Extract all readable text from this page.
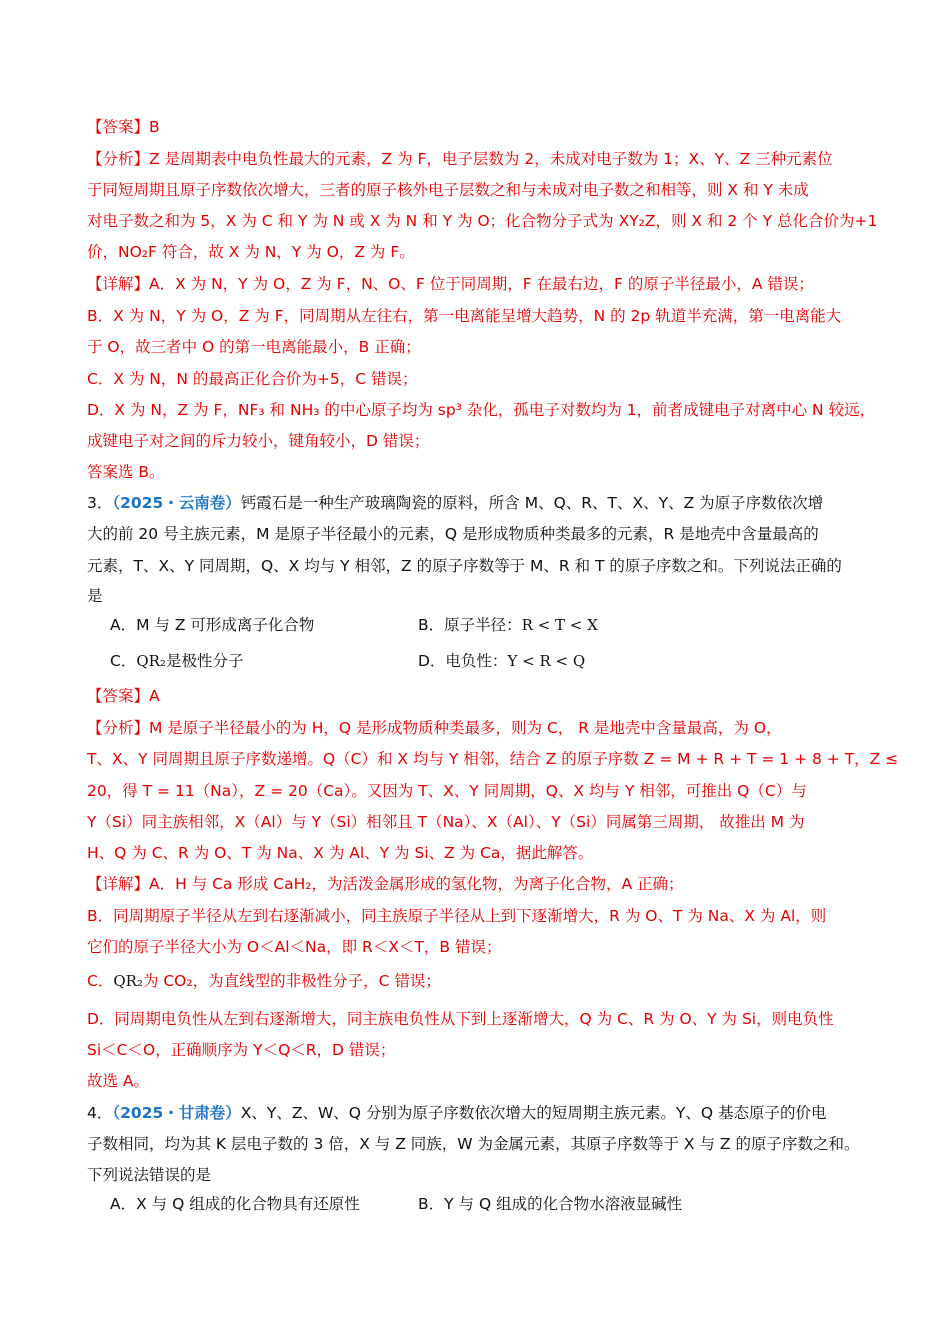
【答案】B
【分析】Z 是周期表中电负性最大的元素，Z 为 F，电子层数为 2，未成对电子数为 1；X、Y、Z 三种元素位
于同短周期且原子序数依次增大，三者的原子核外电子层数之和与未成对电子数之和相等，则 X 和 Y 未成
对电子数之和为 5，X 为 C 和 Y 为 N 或 X 为 N 和 Y 为 O；化合物分子式为 XY₂Z，则 X 和 2 个 Y 总化合价为+1
价，NO₂F 符合，故 X 为 N，Y 为 O，Z 为 F。
【详解】A．X 为 N，Y 为 O，Z 为 F，N、O、F 位于同周期，F 在最右边，F 的原子半径最小，A 错误；
B．X 为 N，Y 为 O，Z 为 F，同周期从左往右，第一电离能呈增大趋势，N 的 2p 轨道半充满，第一电离能大
于 O，故三者中 O 的第一电离能最小，B 正确；
C．X 为 N，N 的最高正化合价为+5，C 错误；
D．X 为 N，Z 为 F，NF₃ 和 NH₃ 的中心原子均为 sp³ 杂化，孤电子对数均为 1，前者成键电子对离中心 N 较远，
成键电子对之间的斥力较小，键角较小，D 错误；
答案选 B。
3．（2025・云南卷）钙霞石是一种生产玻璃陶瓷的原料，所含 M、Q、R、T、X、Y、Z 为原子序数依次增
大的前 20 号主族元素，M 是原子半径最小的元素，Q 是形成物质种类最多的元素，R 是地壳中含量最高的
元素，T、X、Y 同周期，Q、X 均与 Y 相邻，Z 的原子序数等于 M、R 和 T 的原子序数之和。下列说法正确的
是
A．M 与 Z 可形成离子化合物	B．原子半径：R < T < X
C．QR₂是极性分子	D．电负性：Y < R < Q
【答案】A
【分析】M 是原子半径最小的为 H，Q 是形成物质种类最多，则为 C， R 是地壳中含量最高，为 O，
T、X、Y 同周期且原子序数递增。Q（C）和 X 均与 Y 相邻，结合 Z 的原子序数 Z = M + R + T = 1 + 8 + T，Z ≤
20，得 T = 11（Na），Z = 20（Ca）。又因为 T、X、Y 同周期，Q、X 均与 Y 相邻，可推出 Q（C）与
Y（Si）同主族相邻，X（Al）与 Y（Si）相邻且 T（Na）、X（Al）、Y（Si）同属第三周期， 故推出 M 为
H、Q 为 C、R 为 O、T 为 Na、X 为 Al、Y 为 Si、Z 为 Ca，据此解答。
【详解】A．H 与 Ca 形成 CaH₂，为活泼金属形成的氢化物，为离子化合物，A 正确；
B．同周期原子半径从左到右逐渐减小，同主族原子半径从上到下逐渐增大，R 为 O、T 为 Na、X 为 Al，则
它们的原子半径大小为 O＜Al＜Na，即 R＜X＜T，B 错误；
C．QR₂为 CO₂，为直线型的非极性分子，C 错误；
D．同周期电负性从左到右逐渐增大，同主族电负性从下到上逐渐增大，Q 为 C、R 为 O、Y 为 Si，则电负性
Si＜C＜O，正确顺序为 Y＜Q＜R，D 错误；
故选 A。
4．（2025・甘肃卷）X、Y、Z、W、Q 分别为原子序数依次增大的短周期主族元素。Y、Q 基态原子的价电
子数相同，均为其 K 层电子数的 3 倍，X 与 Z 同族，W 为金属元素，其原子序数等于 X 与 Z 的原子序数之和。
下列说法错误的是
A．X 与 Q 组成的化合物具有还原性	B．Y 与 Q 组成的化合物水溶液显碱性
